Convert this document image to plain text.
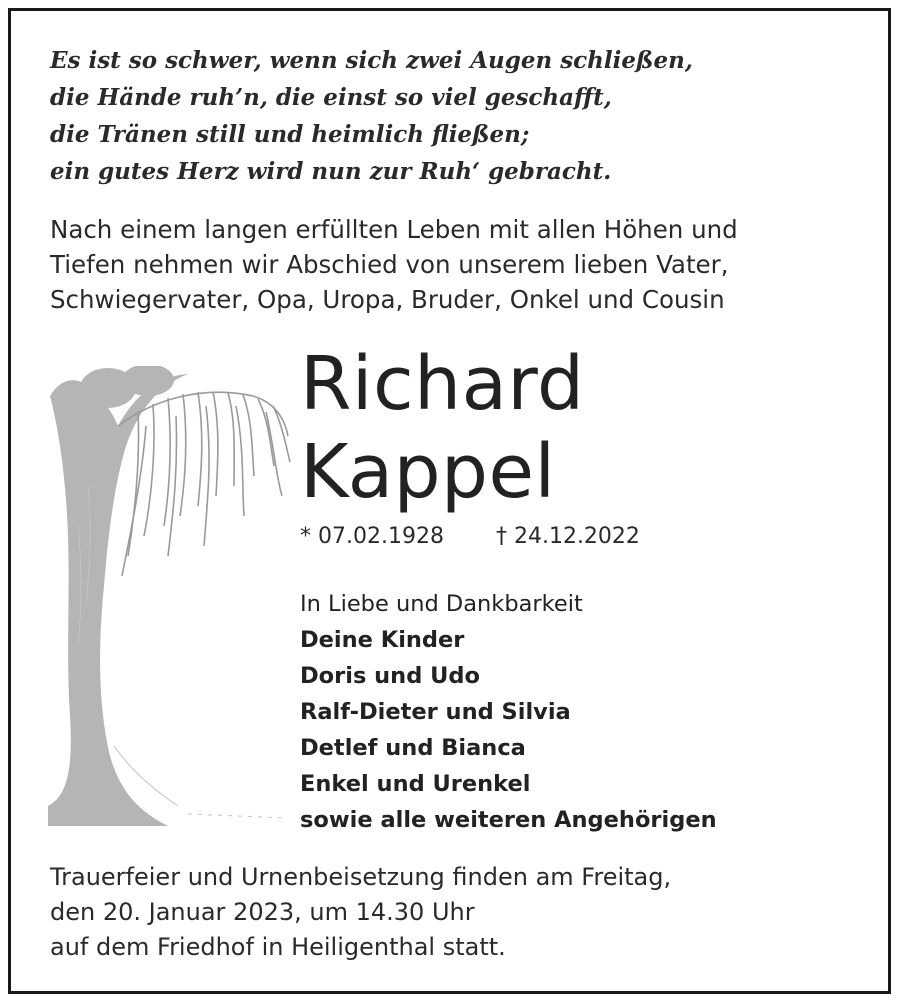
Es ist so schwer, wenn sich zwei Augen schließen,
die Hände ruh’n, die einst so viel geschafft,
die Tränen still und heimlich fließen;
ein gutes Herz wird nun zur Ruh‘ gebracht.
Nach einem langen erfüllten Leben mit allen Höhen und
Tiefen nehmen wir Abschied von unserem lieben Vater,
Schwiegervater, Opa, Uropa, Bruder, Onkel und Cousin
Richard
Kappel
* 07.02.1928 † 24.12.2022
In Liebe und Dankbarkeit
Deine Kinder
Doris und Udo
Ralf-Dieter und Silvia
Detlef und Bianca
Enkel und Urenkel
sowie alle weiteren Angehörigen
Trauerfeier und Urnenbeisetzung finden am Freitag,
den 20. Januar 2023, um 14.30 Uhr
auf dem Friedhof in Heiligenthal statt.
